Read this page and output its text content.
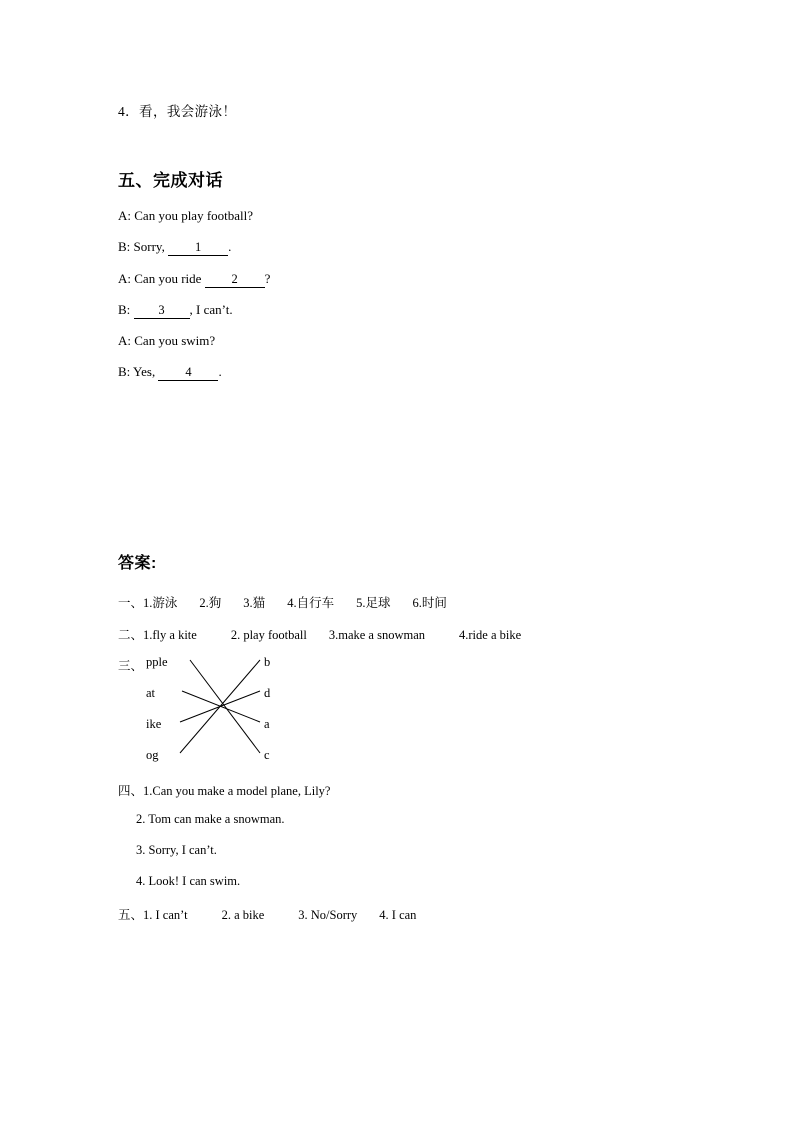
4．看，我会游泳！
五、完成对话
A: Can you play football?
B: Sorry, 1 .
A: Can you ride 2 ?
B: 3 , I can’t.
A: Can you swim?
B: Yes, 4 .
答案:
一、1.游泳 2.狗 3.猫 4.自行车 5.足球 6.时间
二、1.fly a kite	2. play football 3.make a snowman	4.ride a bike
三、 pple
at
ike
og
b
d
a
c
四、1.Can you make a model plane, Lily?
2. Tom can make a snowman.
3. Sorry, I can’t.
4. Look! I can swim.
五、1. I can’t	2. a bike	3. No/Sorry 4. I can
